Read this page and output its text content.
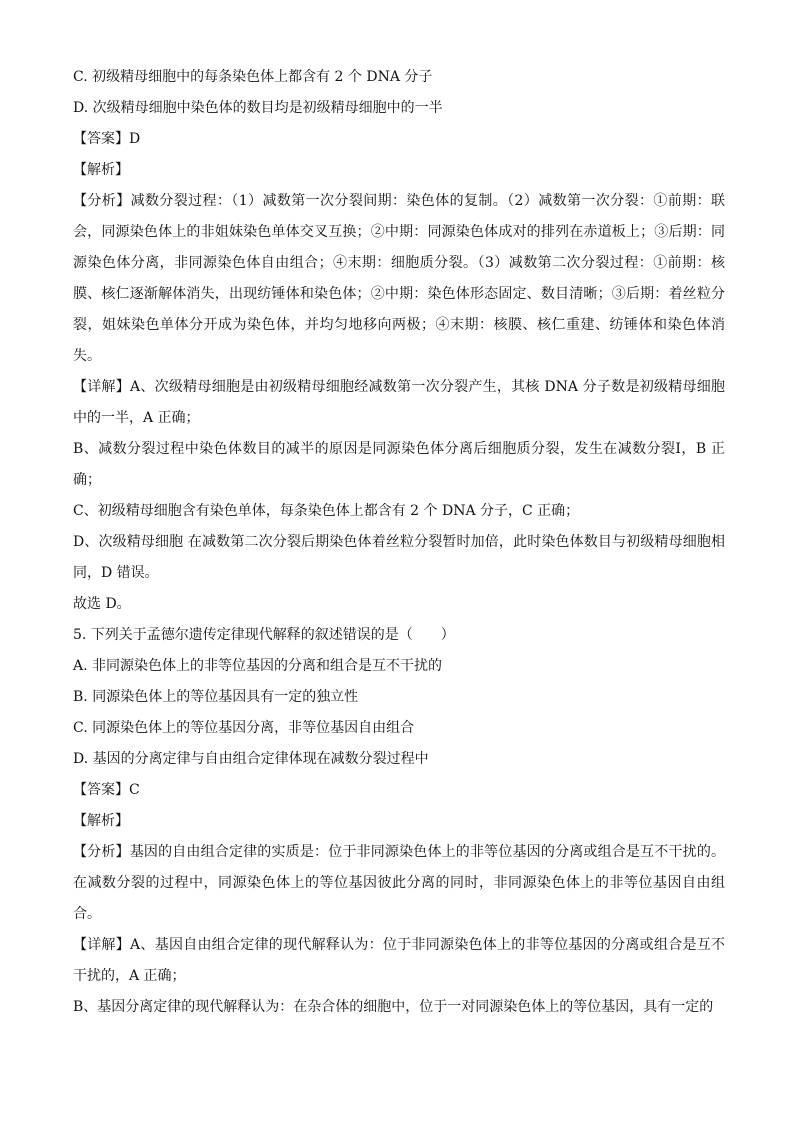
C. 初级精母细胞中的每条染色体上都含有 2 个 DNA 分子

D. 次级精母细胞中染色体的数目均是初级精母细胞中的一半

【答案】D

【解析】

【分析】减数分裂过程：（1）减数第一次分裂间期：染色体的复制。（2）减数第一次分裂：①前期：联会，同源染色体上的非姐妹染色单体交叉互换；②中期：同源染色体成对的排列在赤道板上；③后期：同源染色体分离，非同源染色体自由组合；④末期：细胞质分裂。（3）减数第二次分裂过程：①前期：核膜、核仁逐渐解体消失，出现纺锤体和染色体；②中期：染色体形态固定、数目清晰；③后期：着丝粒分裂，姐妹染色单体分开成为染色体，并均匀地移向两极；④末期：核膜、核仁重建、纺锤体和染色体消失。

【详解】A、次级精母细胞是由初级精母细胞经减数第一次分裂产生，其核 DNA 分子数是初级精母细胞中的一半，A 正确；

B、减数分裂过程中染色体数目的减半的原因是同源染色体分离后细胞质分裂，发生在减数分裂Ⅰ，B 正确；

C、初级精母细胞含有染色单体，每条染色体上都含有 2 个 DNA 分子，C 正确；

D、次级精母细胞 在减数第二次分裂后期染色体着丝粒分裂暂时加倍，此时染色体数目与初级精母细胞相同，D 错误。

故选 D。

5. 下列关于孟德尔遗传定律现代解释的叙述错误的是（　　）

A. 非同源染色体上的非等位基因的分离和组合是互不干扰的

B. 同源染色体上的等位基因具有一定的独立性

C. 同源染色体上的等位基因分离，非等位基因自由组合

D. 基因的分离定律与自由组合定律体现在减数分裂过程中

【答案】C

【解析】

【分析】基因的自由组合定律的实质是：位于非同源染色体上的非等位基因的分离或组合是互不干扰的。在减数分裂的过程中，同源染色体上的等位基因彼此分离的同时，非同源染色体上的非等位基因自由组合。

【详解】A、基因自由组合定律的现代解释认为：位于非同源染色体上的非等位基因的分离或组合是互不干扰的，A 正确；

B、基因分离定律的现代解释认为：在杂合体的细胞中，位于一对同源染色体上的等位基因，具有一定的
